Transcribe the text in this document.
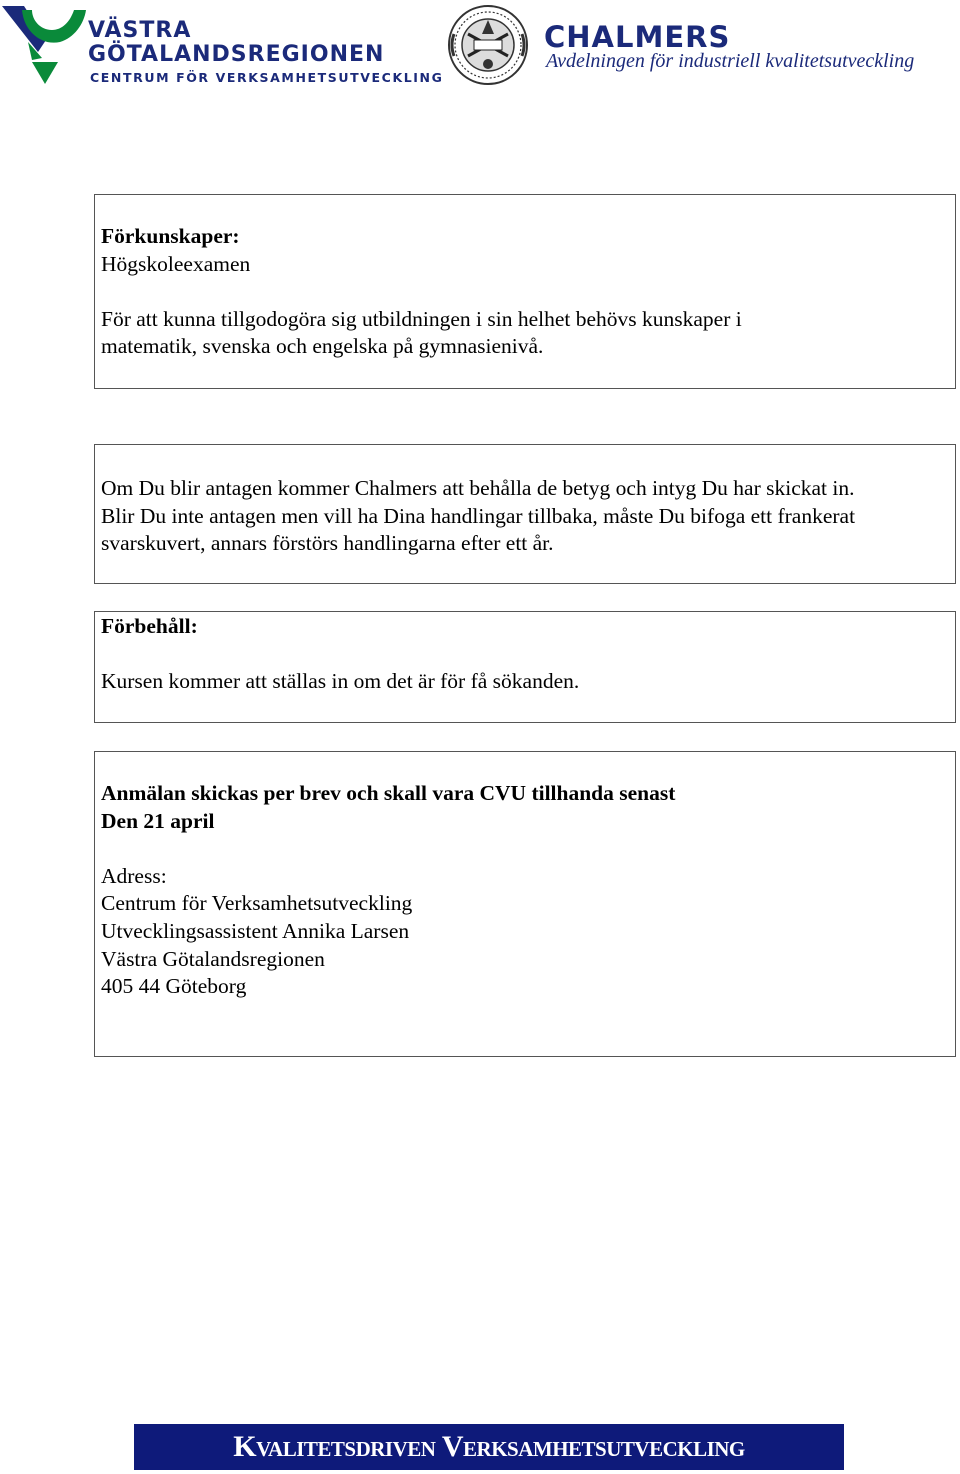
VÄSTRA
GÖTALANDSREGIONEN
CENTRUM FÖR VERKSAMHETSUTVECKLING
CHALMERS
Avdelningen för industriell kvalitetsutveckling

Förkunskaper:

Högskoleexamen

För att kunna tillgodogöra sig utbildningen i sin helhet behövs kunskaper i

matematik, svenska och engelska på gymnasienivå.

Om Du blir antagen kommer Chalmers att behålla de betyg och intyg Du har skickat in.

Blir Du inte antagen men vill ha Dina handlingar tillbaka, måste Du bifoga ett frankerat

svarskuvert, annars förstörs handlingarna efter ett år.

Förbehåll:

Kursen kommer att ställas in om det är för få sökanden.

Anmälan skickas per brev och skall vara CVU tillhanda senast

Den 21 april

Adress:

Centrum för Verksamhetsutveckling

Utvecklingsassistent Annika Larsen

Västra Götalandsregionen

405 44 Göteborg

Kvalitetsdriven Verksamhetsutveckling
